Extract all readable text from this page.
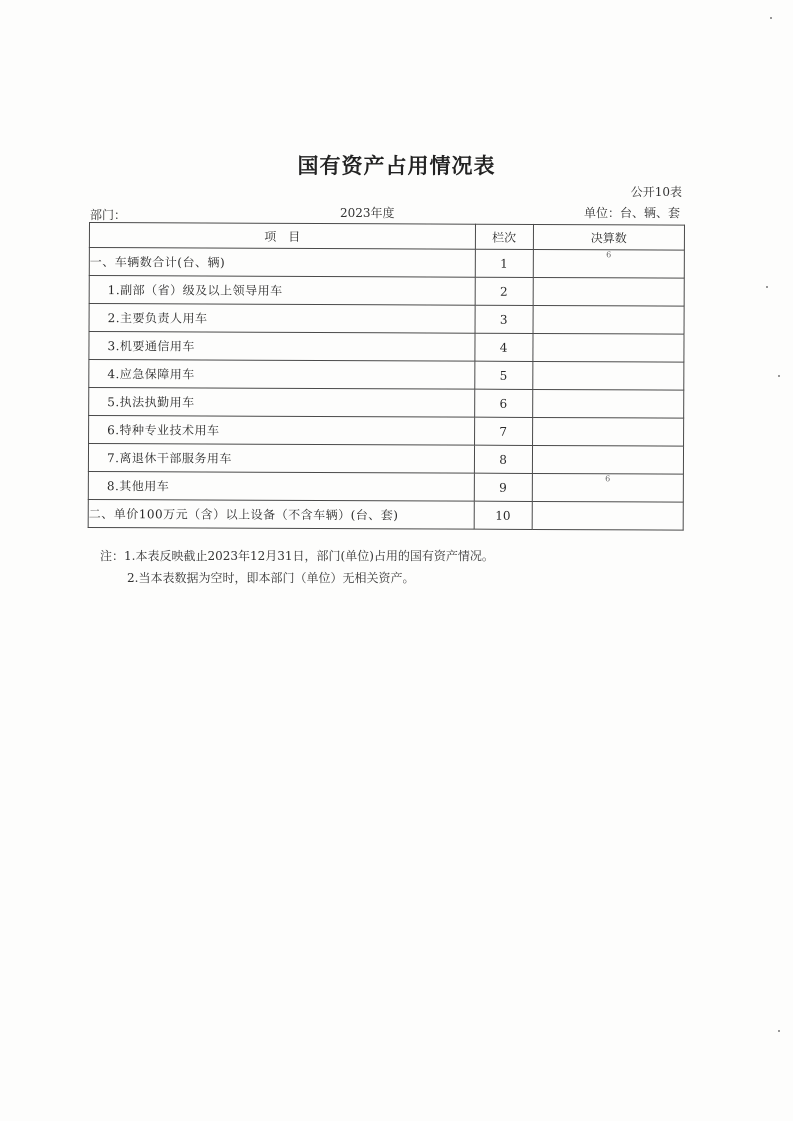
国有资产占用情况表
公开10表
部门：	2023年度	单位：台、辆、套
项　目	栏次	决算数
一、车辆数合计(台、辆)	1	6
1.副部（省）级及以上领导用车	2	
2.主要负责人用车	3	
3.机要通信用车	4	
4.应急保障用车	5	
5.执法执勤用车	6	
6.特种专业技术用车	7	
7.离退休干部服务用车	8	
8.其他用车	9	6
二、单价100万元（含）以上设备（不含车辆）(台、套)	10	
注：1.本表反映截止2023年12月31日，部门(单位)占用的国有资产情况。
2.当本表数据为空时，即本部门（单位）无相关资产。
